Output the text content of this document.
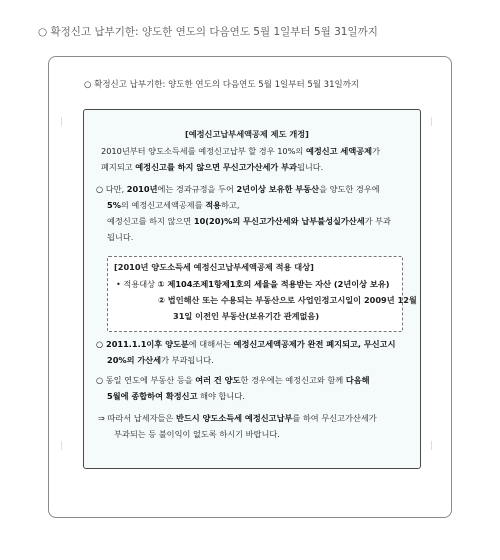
○ 확정신고 납부기한: 양도한 연도의 다음연도 5월 1일부터 5월 31일까지
○ 확정신고 납부기한: 양도한 연도의 다음연도 5월 1일부터 5월 31일까지
ǀ	ǀ
ǀ	ǀ
[예정신고납부세액공제 제도 개정]
2010년부터 양도소득세를 예정신고납부 할 경우 10%의 예정신고 세액공제가
폐지되고 예정신고를 하지 않으면 무신고가산세가 부과됩니다.
○ 다만, 2010년에는 경과규정을 두어 2년이상 보유한 부동산을 양도한 경우에
5%의 예정신고세액공제를 적용하고,
예정신고를 하지 않으면 10(20)%의 무신고가산세와 납부불성실가산세가 부과
됩니다.
[2010년 양도소득세 예정신고납부세액공제 적용 대상]
• 적용대상 ① 제104조제1항제1호의 세율을 적용받는 자산 (2년이상 보유)
② 법인해산 또는 수용되는 부동산으로 사업인정고시일이 2009년 12월
31일 이전인 부동산(보유기간 관계없음)
○ 2011.1.1이후 양도분에 대해서는 예정신고세액공제가 완전 폐지되고, 무신고시
20%의 가산세가 부과됩니다.
○ 동일 연도에 부동산 등을 여러 건 양도한 경우에는 예정신고와 함께 다음해
5월에 종합하여 확정신고 해야 합니다.
⇒ 따라서 납세자들은 반드시 양도소득세 예정신고납부를 하여 무신고가산세가
부과되는 등 불이익이 없도록 하시기 바랍니다.
